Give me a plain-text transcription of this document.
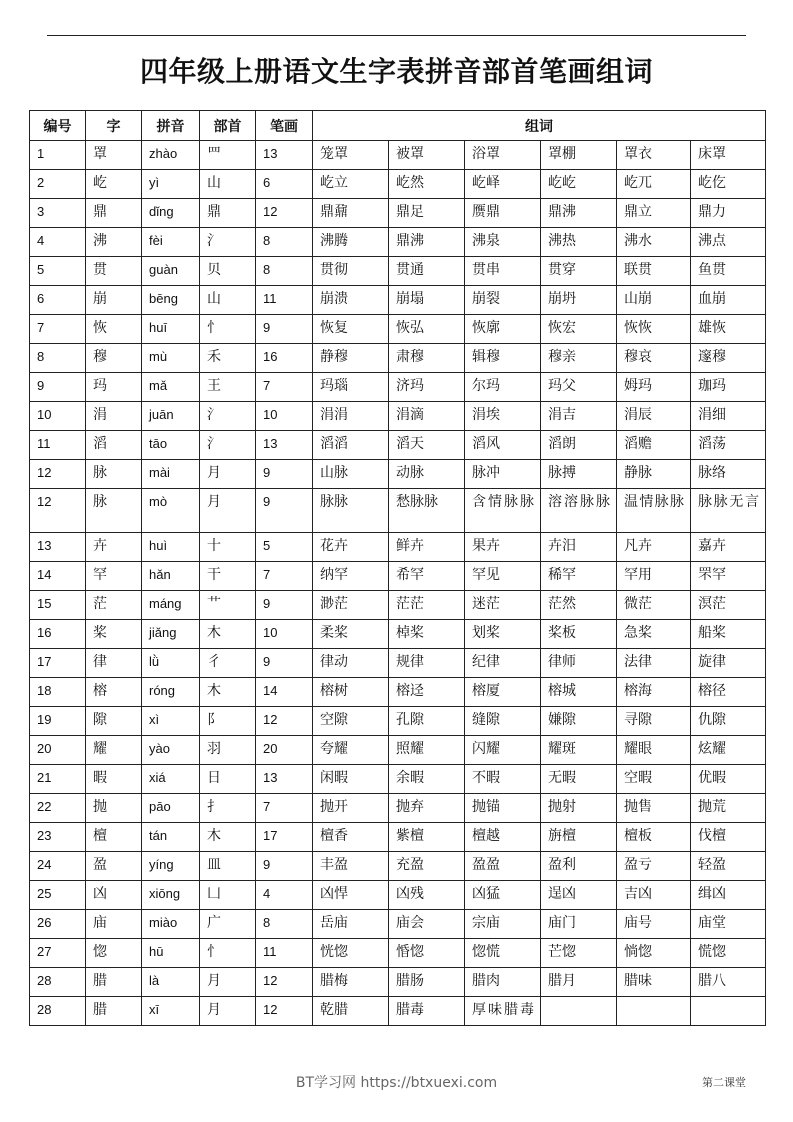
四年级上册语文生字表拼音部首笔画组词
编号	字	拼音	部首	笔画	组词					
1	罩	zhào	罒	13	笼罩	被罩	浴罩	罩棚	罩衣	床罩

2	屹	yì	山	6	屹立	屹然	屹峄	屹屹	屹兀	屹仡

3	鼎	dǐng	鼎	12	鼎鼐	鼎足	赝鼎	鼎沸	鼎立	鼎力

4	沸	fèi	氵	8	沸腾	鼎沸	沸泉	沸热	沸水	沸点

5	贯	guàn	贝	8	贯彻	贯通	贯串	贯穿	联贯	鱼贯

6	崩	bēng	山	11	崩溃	崩塌	崩裂	崩坍	山崩	血崩

7	恢	huī	忄	9	恢复	恢弘	恢廓	恢宏	恢恢	雄恢

8	穆	mù	禾	16	静穆	肃穆	辑穆	穆亲	穆哀	邃穆

9	玛	mǎ	王	7	玛瑙	济玛	尔玛	玛父	姆玛	珈玛

10	涓	juān	氵	10	涓涓	涓滴	涓埃	涓吉	涓辰	涓细

11	滔	tāo	氵	13	滔滔	滔天	滔风	滔朗	滔赡	滔荡

12	脉	mài	月	9	山脉	动脉	脉冲	脉搏	静脉	脉络

12	脉	mò	月	9	脉脉	愁脉脉	含情脉脉	溶溶脉脉	温情脉脉	脉脉无言

13	卉	huì	十	5	花卉	鲜卉	果卉	卉汨	凡卉	嘉卉

14	罕	hǎn	干	7	纳罕	希罕	罕见	稀罕	罕用	罘罕

15	茫	máng	艹	9	渺茫	茫茫	迷茫	茫然	微茫	溟茫

16	桨	jiǎng	木	10	柔桨	棹桨	划桨	桨板	急桨	船桨

17	律	lǜ	彳	9	律动	规律	纪律	律师	法律	旋律

18	榕	róng	木	14	榕树	榕迳	榕厦	榕城	榕海	榕径

19	隙	xì	阝	12	空隙	孔隙	缝隙	嫌隙	寻隙	仇隙

20	耀	yào	羽	20	夸耀	照耀	闪耀	耀斑	耀眼	炫耀

21	暇	xiá	日	13	闲暇	余暇	不暇	无暇	空暇	优暇

22	抛	pāo	扌	7	抛开	抛弃	抛锚	抛射	抛售	抛荒

23	檀	tán	木	17	檀香	紫檀	檀越	旃檀	檀板	伐檀

24	盈	yíng	皿	9	丰盈	充盈	盈盈	盈利	盈亏	轻盈

25	凶	xiōng	凵	4	凶悍	凶残	凶猛	逞凶	吉凶	缉凶

26	庙	miào	广	8	岳庙	庙会	宗庙	庙门	庙号	庙堂

27	惚	hū	忄	11	恍惚	惛惚	惚慌	芒惚	惝惚	慌惚

28	腊	là	月	12	腊梅	腊肠	腊肉	腊月	腊味	腊八

28	腊	xī	月	12	乾腊	腊毒	厚味腊毒			

BT学习网 https://btxuexi.com	第二课堂
